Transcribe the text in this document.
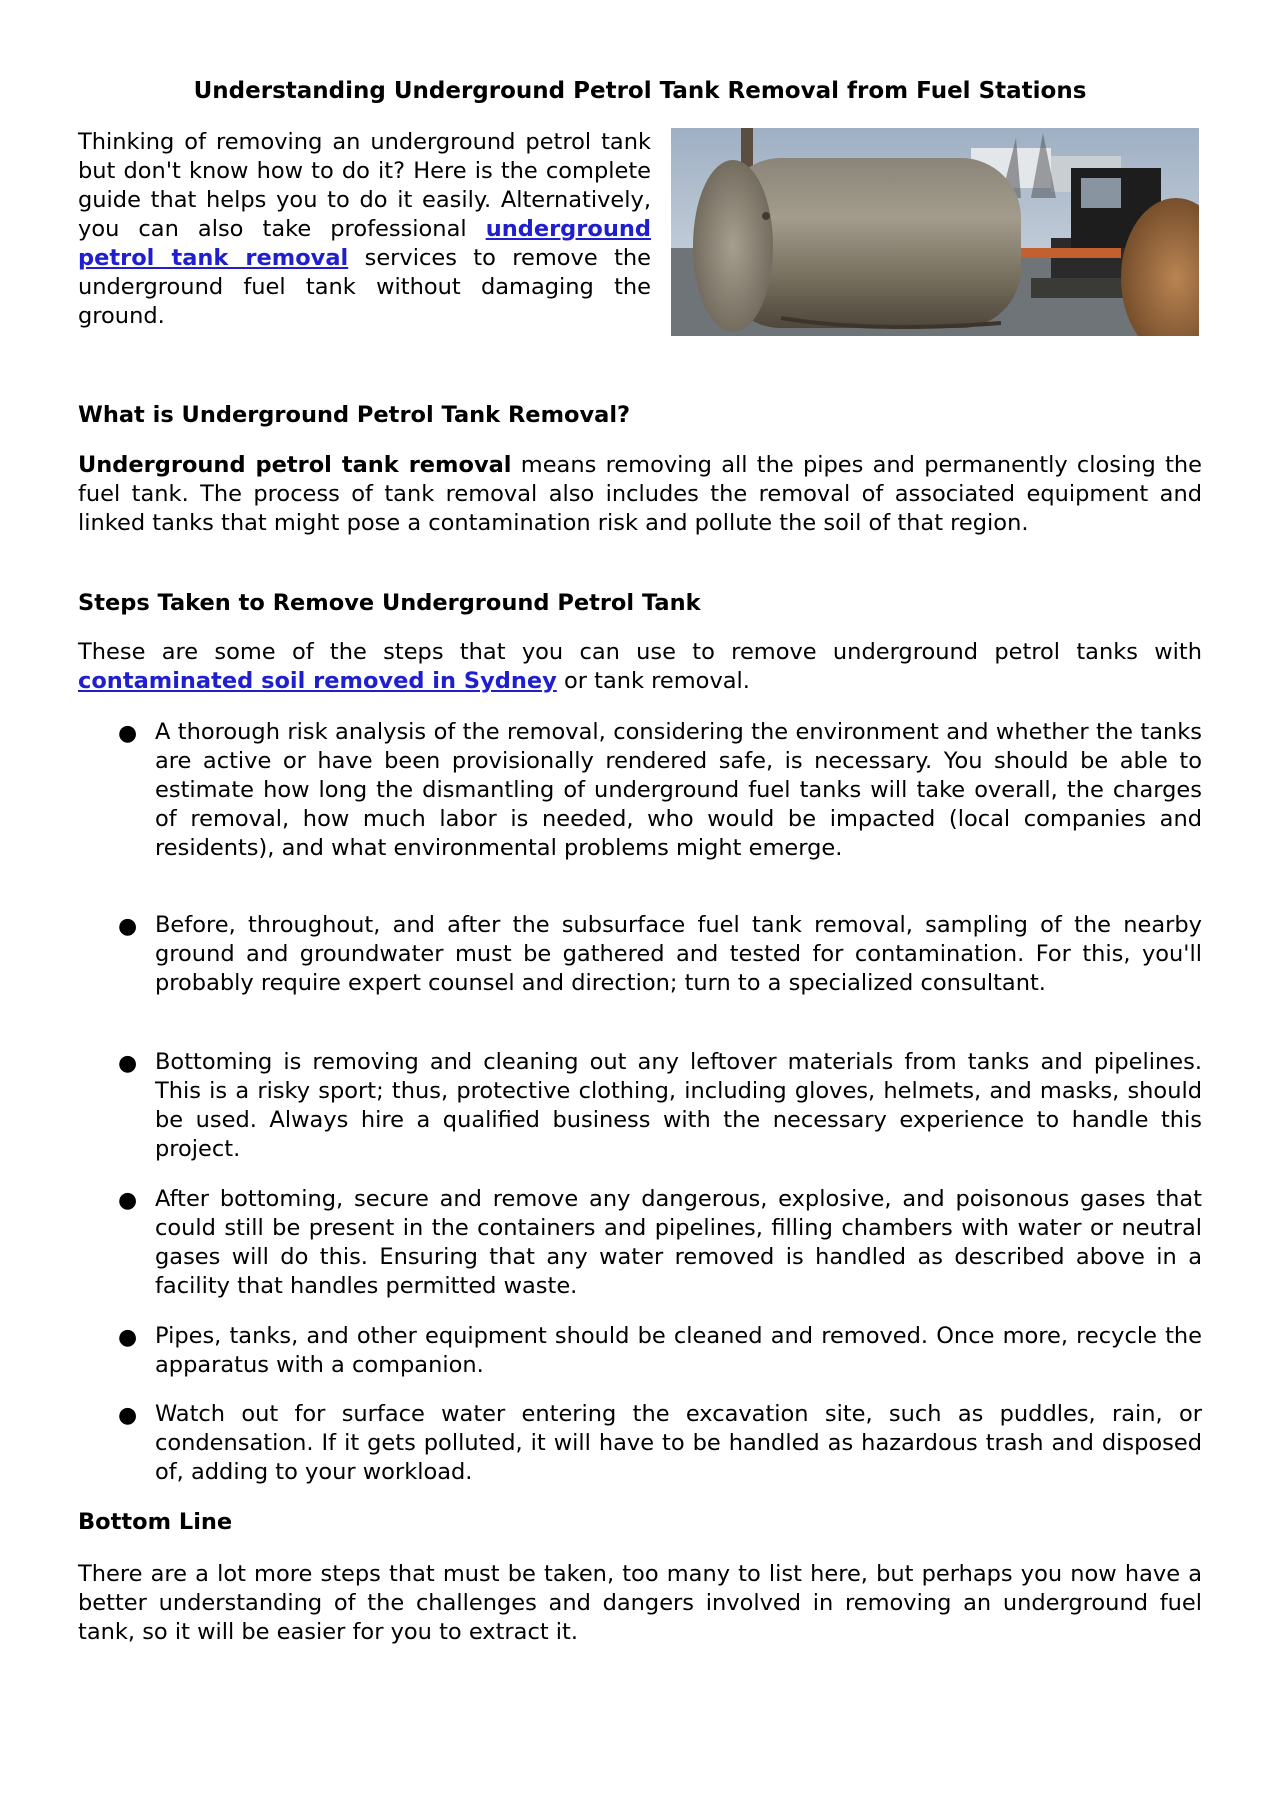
Understanding Underground Petrol Tank Removal from Fuel Stations

Thinking of removing an underground petrol tank but don't know how to do it? Here is the complete guide that helps you to do it easily. Alternatively, you can also take professional underground petrol tank removal services to remove the underground fuel tank without damaging the ground.

What is Underground Petrol Tank Removal?

Underground petrol tank removal means removing all the pipes and permanently closing the fuel tank. The process of tank removal also includes the removal of associated equipment and linked tanks that might pose a contamination risk and pollute the soil of that region.

Steps Taken to Remove Underground Petrol Tank

These are some of the steps that you can use to remove underground petrol tanks with contaminated soil removed in Sydney or tank removal.

● A thorough risk analysis of the removal, considering the environment and whether the tanks are active or have been provisionally rendered safe, is necessary. You should be able to estimate how long the dismantling of underground fuel tanks will take overall, the charges of removal, how much labor is needed, who would be impacted (local companies and residents), and what environmental problems might emerge.
● Before, throughout, and after the subsurface fuel tank removal, sampling of the nearby ground and groundwater must be gathered and tested for contamination. For this, you'll probably require expert counsel and direction; turn to a specialized consultant.
● Bottoming is removing and cleaning out any leftover materials from tanks and pipelines. This is a risky sport; thus, protective clothing, including gloves, helmets, and masks, should be used. Always hire a qualified business with the necessary experience to handle this project.
● After bottoming, secure and remove any dangerous, explosive, and poisonous gases that could still be present in the containers and pipelines, filling chambers with water or neutral gases will do this. Ensuring that any water removed is handled as described above in a facility that handles permitted waste.
● Pipes, tanks, and other equipment should be cleaned and removed. Once more, recycle the apparatus with a companion.
● Watch out for surface water entering the excavation site, such as puddles, rain, or condensation. If it gets polluted, it will have to be handled as hazardous trash and disposed of, adding to your workload.
Bottom Line

There are a lot more steps that must be taken, too many to list here, but perhaps you now have a better understanding of the challenges and dangers involved in removing an underground fuel tank, so it will be easier for you to extract it.
